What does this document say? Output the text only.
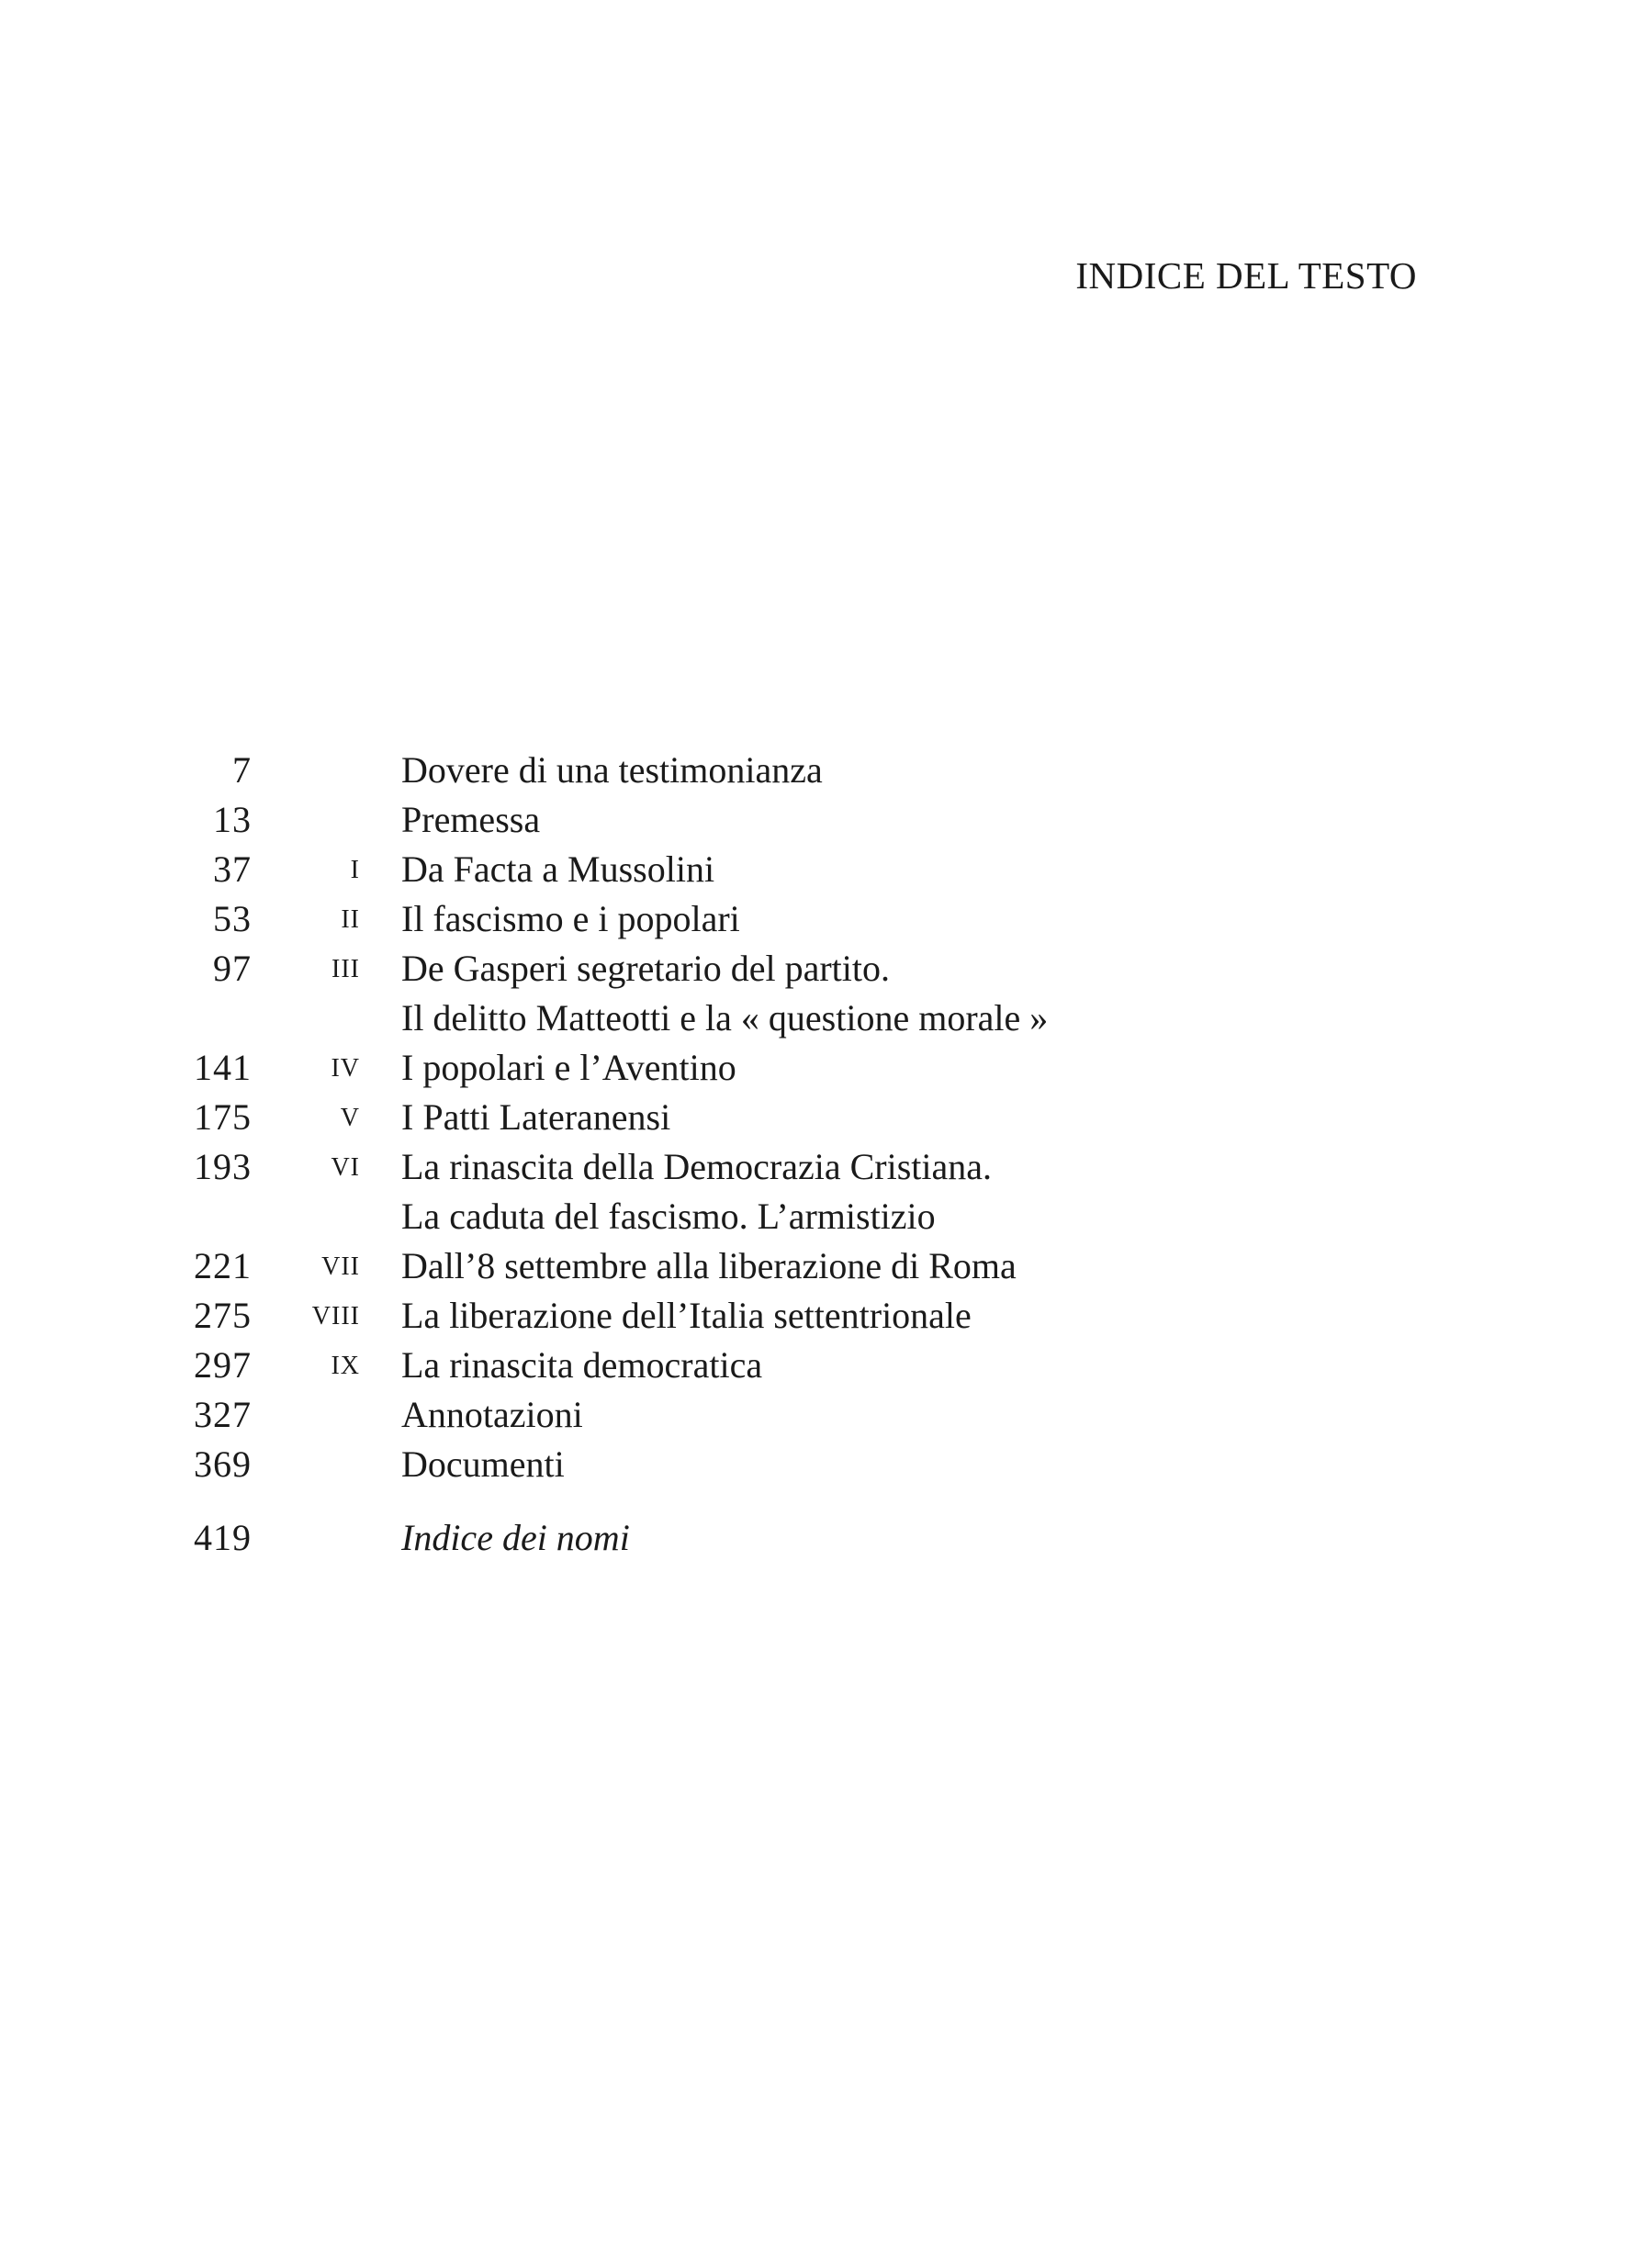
INDICE DEL TESTO
7	Dovere di una testimonianza
13	Premessa
37	I Da Facta a Mussolini
53	II Il fascismo e i popolari
97	III De Gasperi segretario del partito.
Il delitto Matteotti e la « questione morale »
141	IV I popolari e l’Aventino
175	V I Patti Lateranensi
193	VI La rinascita della Democrazia Cristiana.
La caduta del fascismo. L’armistizio
221	VII Dall’8 settembre alla liberazione di Roma
275 VIII La liberazione dell’Italia settentrionale
297	IX La rinascita democratica
327	Annotazioni
369	Documenti
419	Indice dei nomi
